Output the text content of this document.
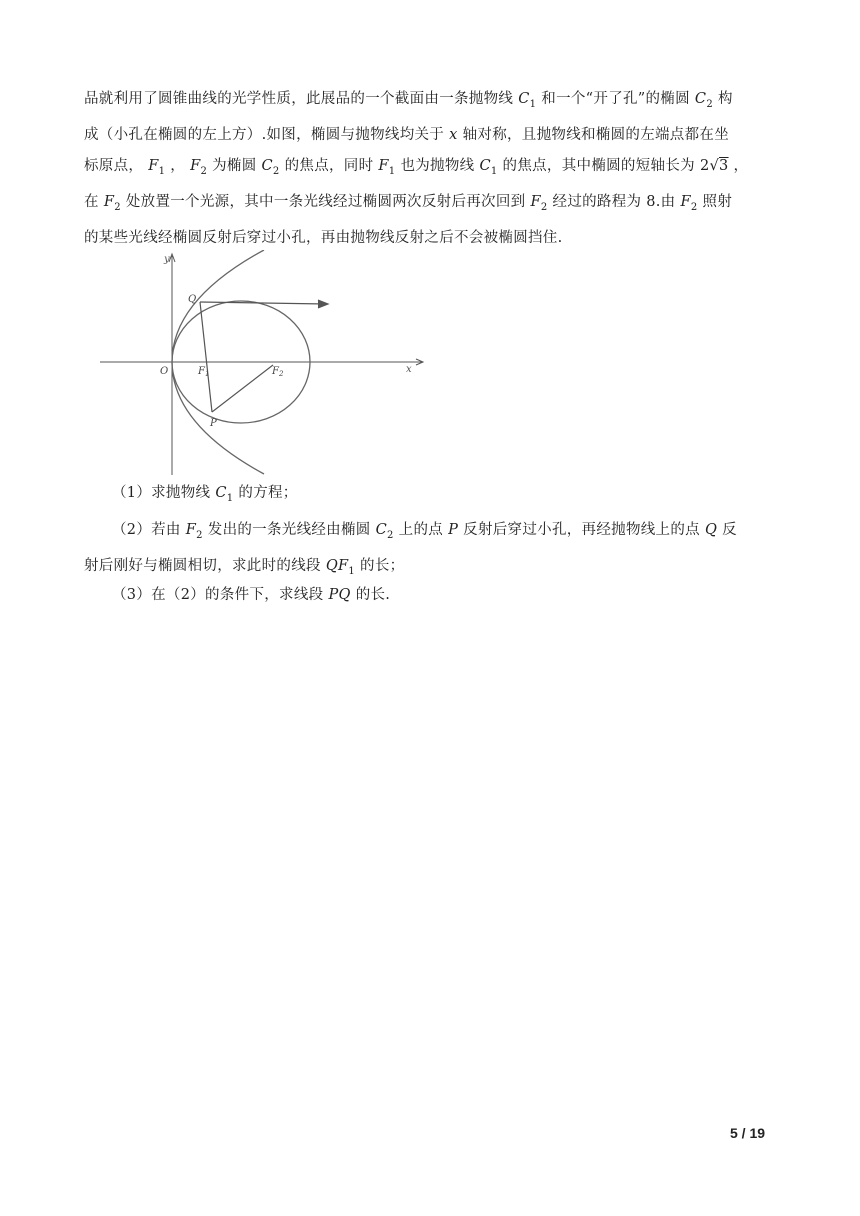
品就利用了圆锥曲线的光学性质，此展品的一个截面由一条抛物线 $C_1$ 和一个“开了孔”的椭圆 $C_2$ 构
成（小孔在椭圆的左上方）.如图，椭圆与抛物线均关于 x 轴对称，且抛物线和椭圆的左端点都在坐
标原点， $F_1$ ， $F_2$ 为椭圆 $C_2$ 的焦点，同时 $F_1$ 也为抛物线 $C_1$ 的焦点，其中椭圆的短轴长为 2√3 ，
在 $F_2$ 处放置一个光源，其中一条光线经过椭圆两次反射后再次回到 $F_2$ 经过的路程为 8.由 $F_2$ 照射
的某些光线经椭圆反射后穿过小孔，再由抛物线反射之后不会被椭圆挡住.
x
y
O	$F_1$	$F_2$
Q
P
（1）求抛物线 $C_1$ 的方程；
（2）若由 $F_2$ 发出的一条光线经由椭圆 $C_2$ 上的点 P 反射后穿过小孔，再经抛物线上的点 Q 反
射后刚好与椭圆相切，求此时的线段 $QF_1$ 的长；
（3）在（2）的条件下，求线段 PQ 的长.
5 / 19
